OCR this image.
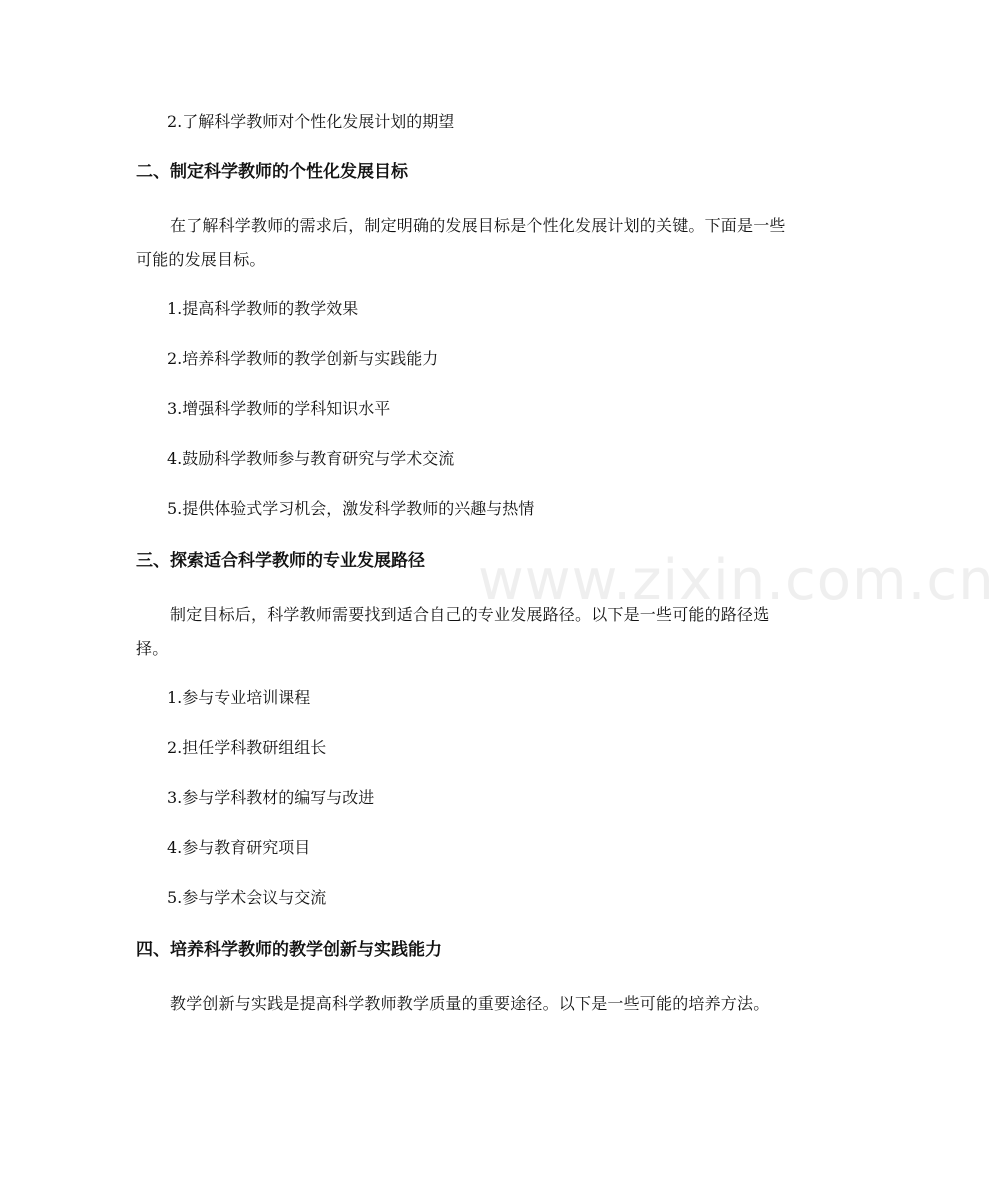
www.zixin.com.cn
2.了解科学教师对个性化发展计划的期望
二、制定科学教师的个性化发展目标
在了解科学教师的需求后，制定明确的发展目标是个性化发展计划的关键。下面是一些可能的发展目标。
1.提高科学教师的教学效果
2.培养科学教师的教学创新与实践能力
3.增强科学教师的学科知识水平
4.鼓励科学教师参与教育研究与学术交流
5.提供体验式学习机会，激发科学教师的兴趣与热情
三、探索适合科学教师的专业发展路径
制定目标后，科学教师需要找到适合自己的专业发展路径。以下是一些可能的路径选择。
1.参与专业培训课程
2.担任学科教研组组长
3.参与学科教材的编写与改进
4.参与教育研究项目
5.参与学术会议与交流
四、培养科学教师的教学创新与实践能力
教学创新与实践是提高科学教师教学质量的重要途径。以下是一些可能的培养方法。
